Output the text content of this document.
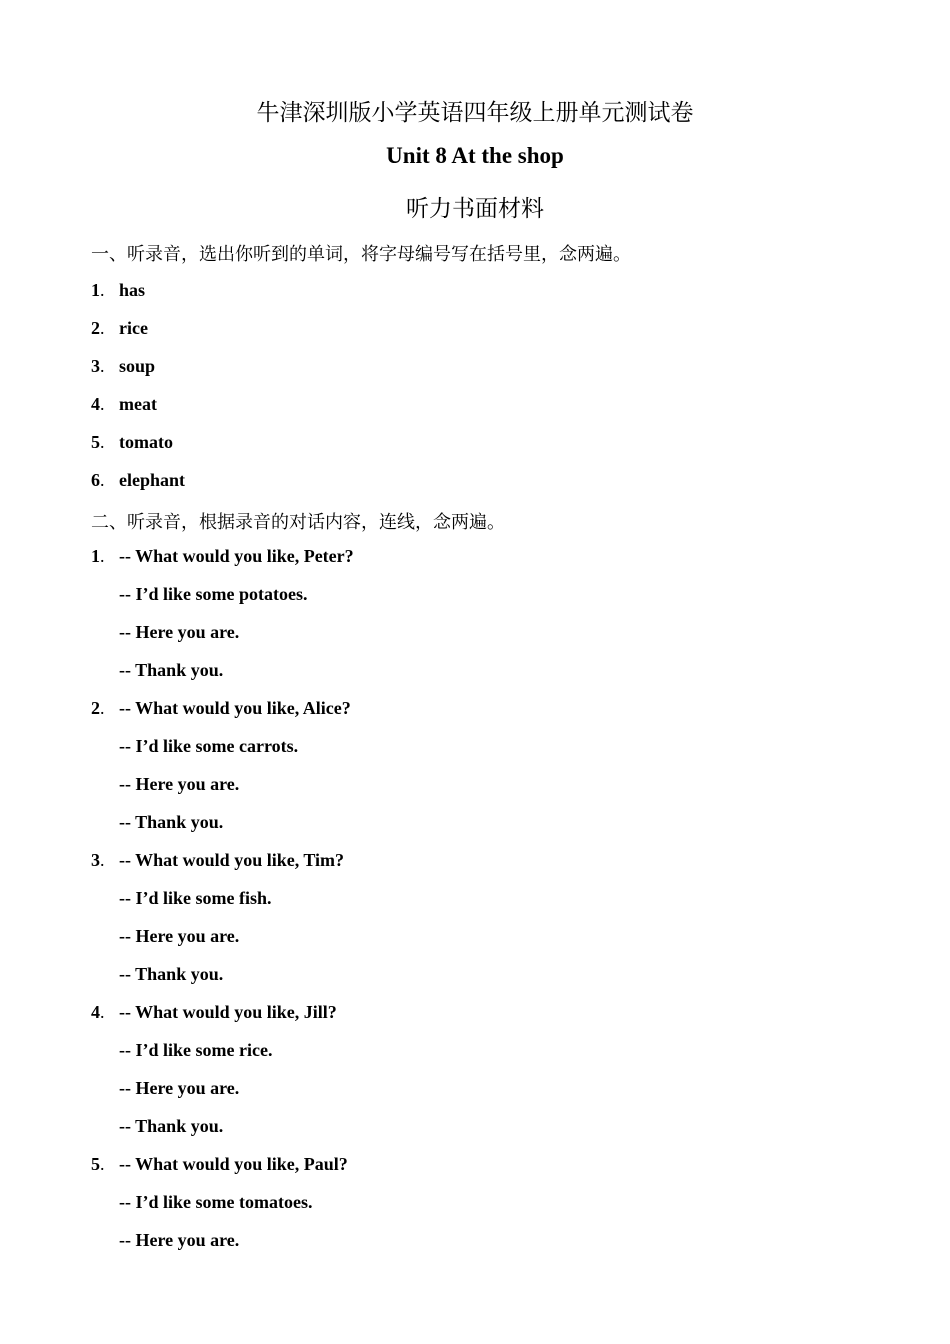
牛津深圳版小学英语四年级上册单元测试卷
Unit 8 At the shop
听力书面材料
一、听录音，选出你听到的单词，将字母编号写在括号里，念两遍。
1. has
2. rice
3. soup
4. meat
5. tomato
6. elephant
二、听录音，根据录音的对话内容，连线，念两遍。
1. -- What would you like, Peter?
-- I’d like some potatoes.
-- Here you are.
-- Thank you.
2. -- What would you like, Alice?
-- I’d like some carrots.
-- Here you are.
-- Thank you.
3. -- What would you like, Tim?
-- I’d like some fish.
-- Here you are.
-- Thank you.
4. -- What would you like, Jill?
-- I’d like some rice.
-- Here you are.
-- Thank you.
5. -- What would you like, Paul?
-- I’d like some tomatoes.
-- Here you are.
